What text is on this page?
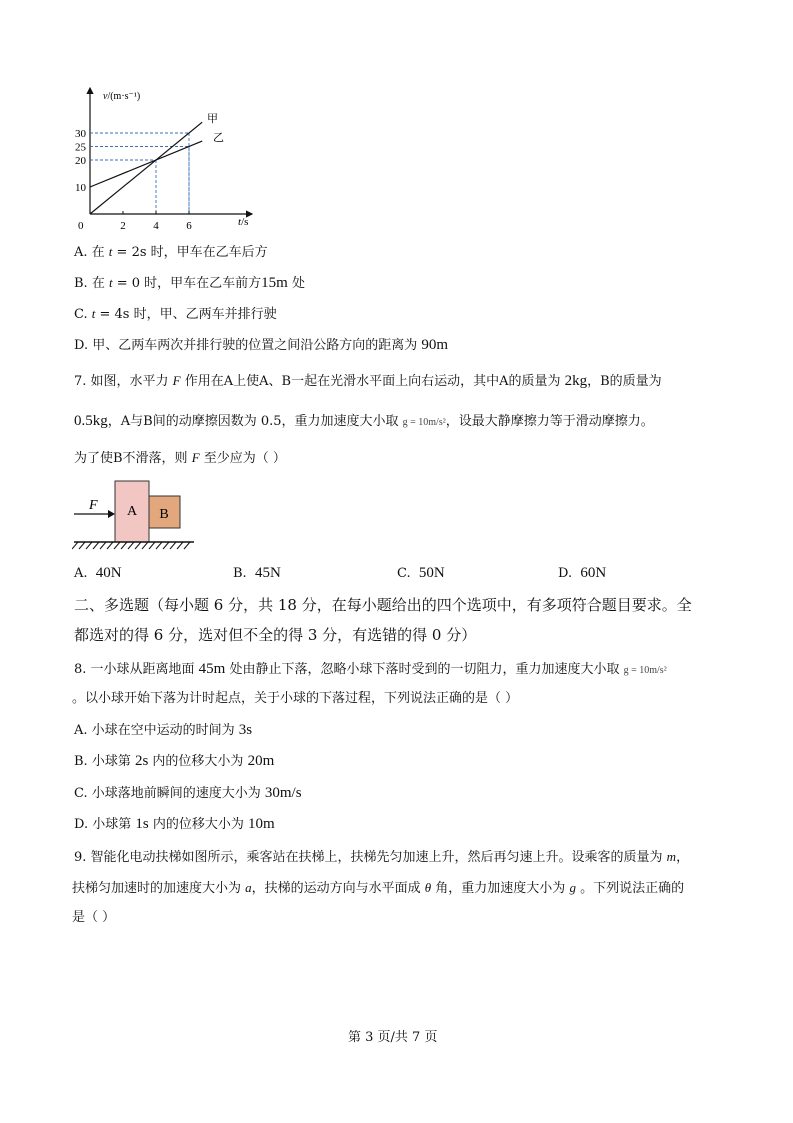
v/(m·s⁻¹)
t/s
0	2	4	6
10
20
25
30
甲
乙
A. 在 t = 2s 时，甲车在乙车后方
B. 在 t = 0 时，甲车在乙车前方15m 处
C. t = 4s 时，甲、乙两车并排行驶
D. 甲、乙两车两次并排行驶的位置之间沿公路方向的距离为 90m
7. 如图，水平力 F 作用在A上使A、B一起在光滑水平面上向右运动，其中A的质量为 2kg，B的质量为
0.5kg，A与B间的动摩擦因数为 0.5，重力加速度大小取 g = 10m/s²，设最大静摩擦力等于滑动摩擦力。
为了使B不滑落，则 F 至少应为（ ）
A B
F
A. 40N	B. 45N	C. 50N	D. 60N
二、多选题（每小题 6 分，共 18 分，在每小题给出的四个选项中，有多项符合题目要求。全
都选对的得 6 分，选对但不全的得 3 分，有选错的得 0 分）
8. 一小球从距离地面 45m 处由静止下落，忽略小球下落时受到的一切阻力，重力加速度大小取 g = 10m/s²
。以小球开始下落为计时起点，关于小球的下落过程，下列说法正确的是（ ）
A. 小球在空中运动的时间为 3s
B. 小球第 2s 内的位移大小为 20m
C. 小球落地前瞬间的速度大小为 30m/s
D. 小球第 1s 内的位移大小为 10m
9. 智能化电动扶梯如图所示，乘客站在扶梯上，扶梯先匀加速上升，然后再匀速上升。设乘客的质量为 m，
扶梯匀加速时的加速度大小为 a，扶梯的运动方向与水平面成 θ 角，重力加速度大小为 g 。下列说法正确的
是（ ）
第 3 页/共 7 页
